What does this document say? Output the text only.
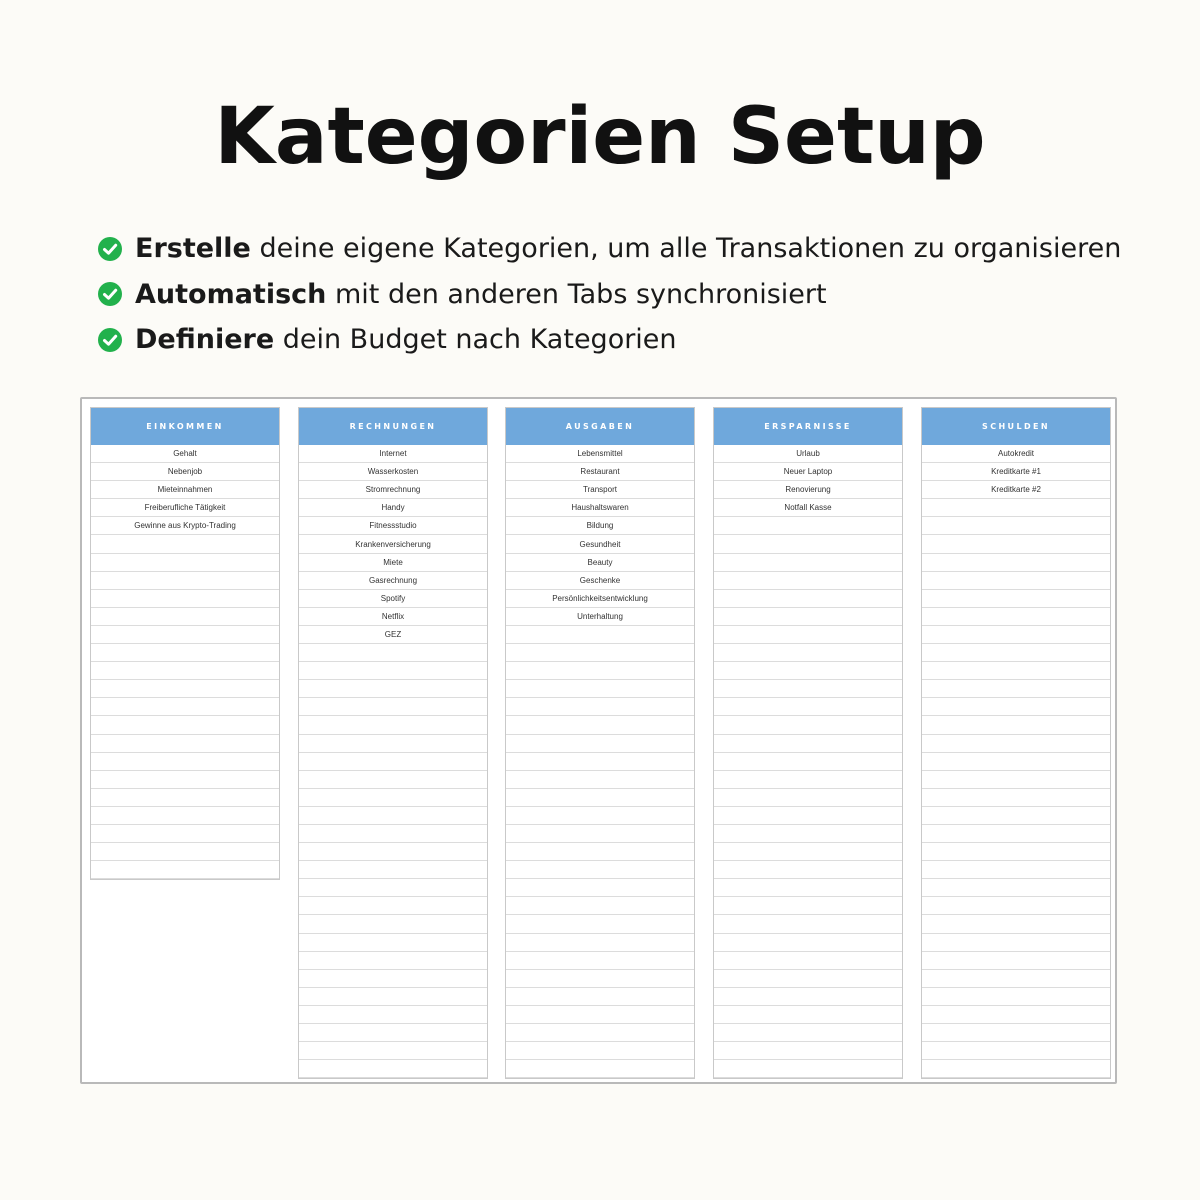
Kategorien Setup
Erstelle deine eigene Kategorien, um alle Transaktionen zu organisieren
Automatisch mit den anderen Tabs synchronisiert
Definiere dein Budget nach Kategorien
EINKOMMEN
Gehalt
Nebenjob
Mieteinnahmen
Freiberufliche Tätigkeit
Gewinne aus Krypto-Trading
RECHNUNGEN
Internet
Wasserkosten
Stromrechnung
Handy
Fitnessstudio
Krankenversicherung
Miete
Gasrechnung
Spotify
Netflix
GEZ
AUSGABEN
Lebensmittel
Restaurant
Transport
Haushaltswaren
Bildung
Gesundheit
Beauty
Geschenke
Persönlichkeitsentwicklung
Unterhaltung
ERSPARNISSE
Urlaub
Neuer Laptop
Renovierung
Notfall Kasse
SCHULDEN
Autokredit
Kreditkarte #1
Kreditkarte #2
